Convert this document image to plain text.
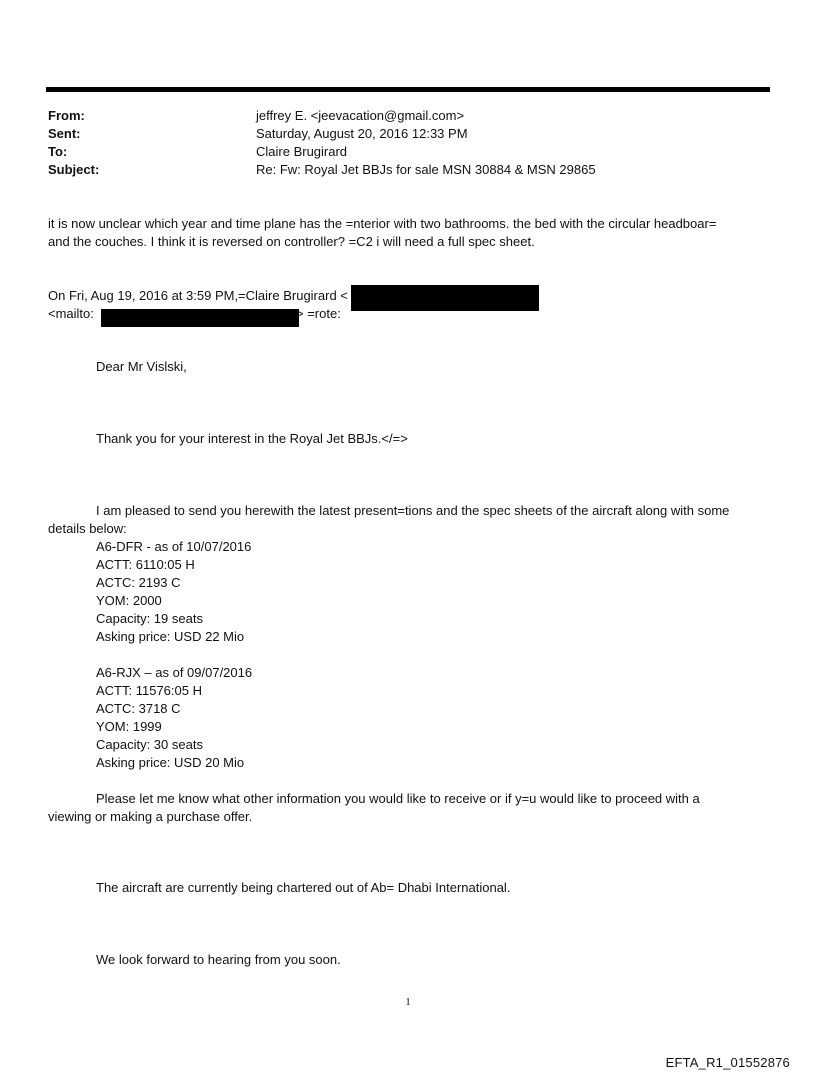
From:	jeffrey E. <jeevacation@gmail.com>
Sent:	Saturday, August 20, 2016 12:33 PM
To:	Claire Brugirard
Subject:	Re: Fw: Royal Jet BBJs for sale MSN 30884 & MSN 29865
it is now unclear which year and time plane has the =nterior with two bathrooms. the bed with the circular headboar=
and the couches. I think it is reversed on controller? =C2 i will need a full spec sheet.
On Fri, Aug 19, 2016 at 3:59 PM,=Claire Brugirard <
<mailto:	> =rote:
Dear Mr Vislski,
Thank you for your interest in the Royal Jet BBJs.</=>
I am pleased to send you herewith the latest present=tions and the spec sheets of the aircraft along with some
details below:
A6-DFR - as of 10/07/2016
ACTT: 6110:05 H
ACTC: 2193 C
YOM: 2000
Capacity: 19 seats
Asking price: USD 22 Mio
A6-RJX – as of 09/07/2016
ACTT: 11576:05 H
ACTC: 3718 C
YOM: 1999
Capacity: 30 seats
Asking price: USD 20 Mio
Please let me know what other information you would like to receive or if y=u would like to proceed with a
viewing or making a purchase offer.
The aircraft are currently being chartered out of Ab= Dhabi International.
We look forward to hearing from you soon.
1
EFTA_R1_01552876
